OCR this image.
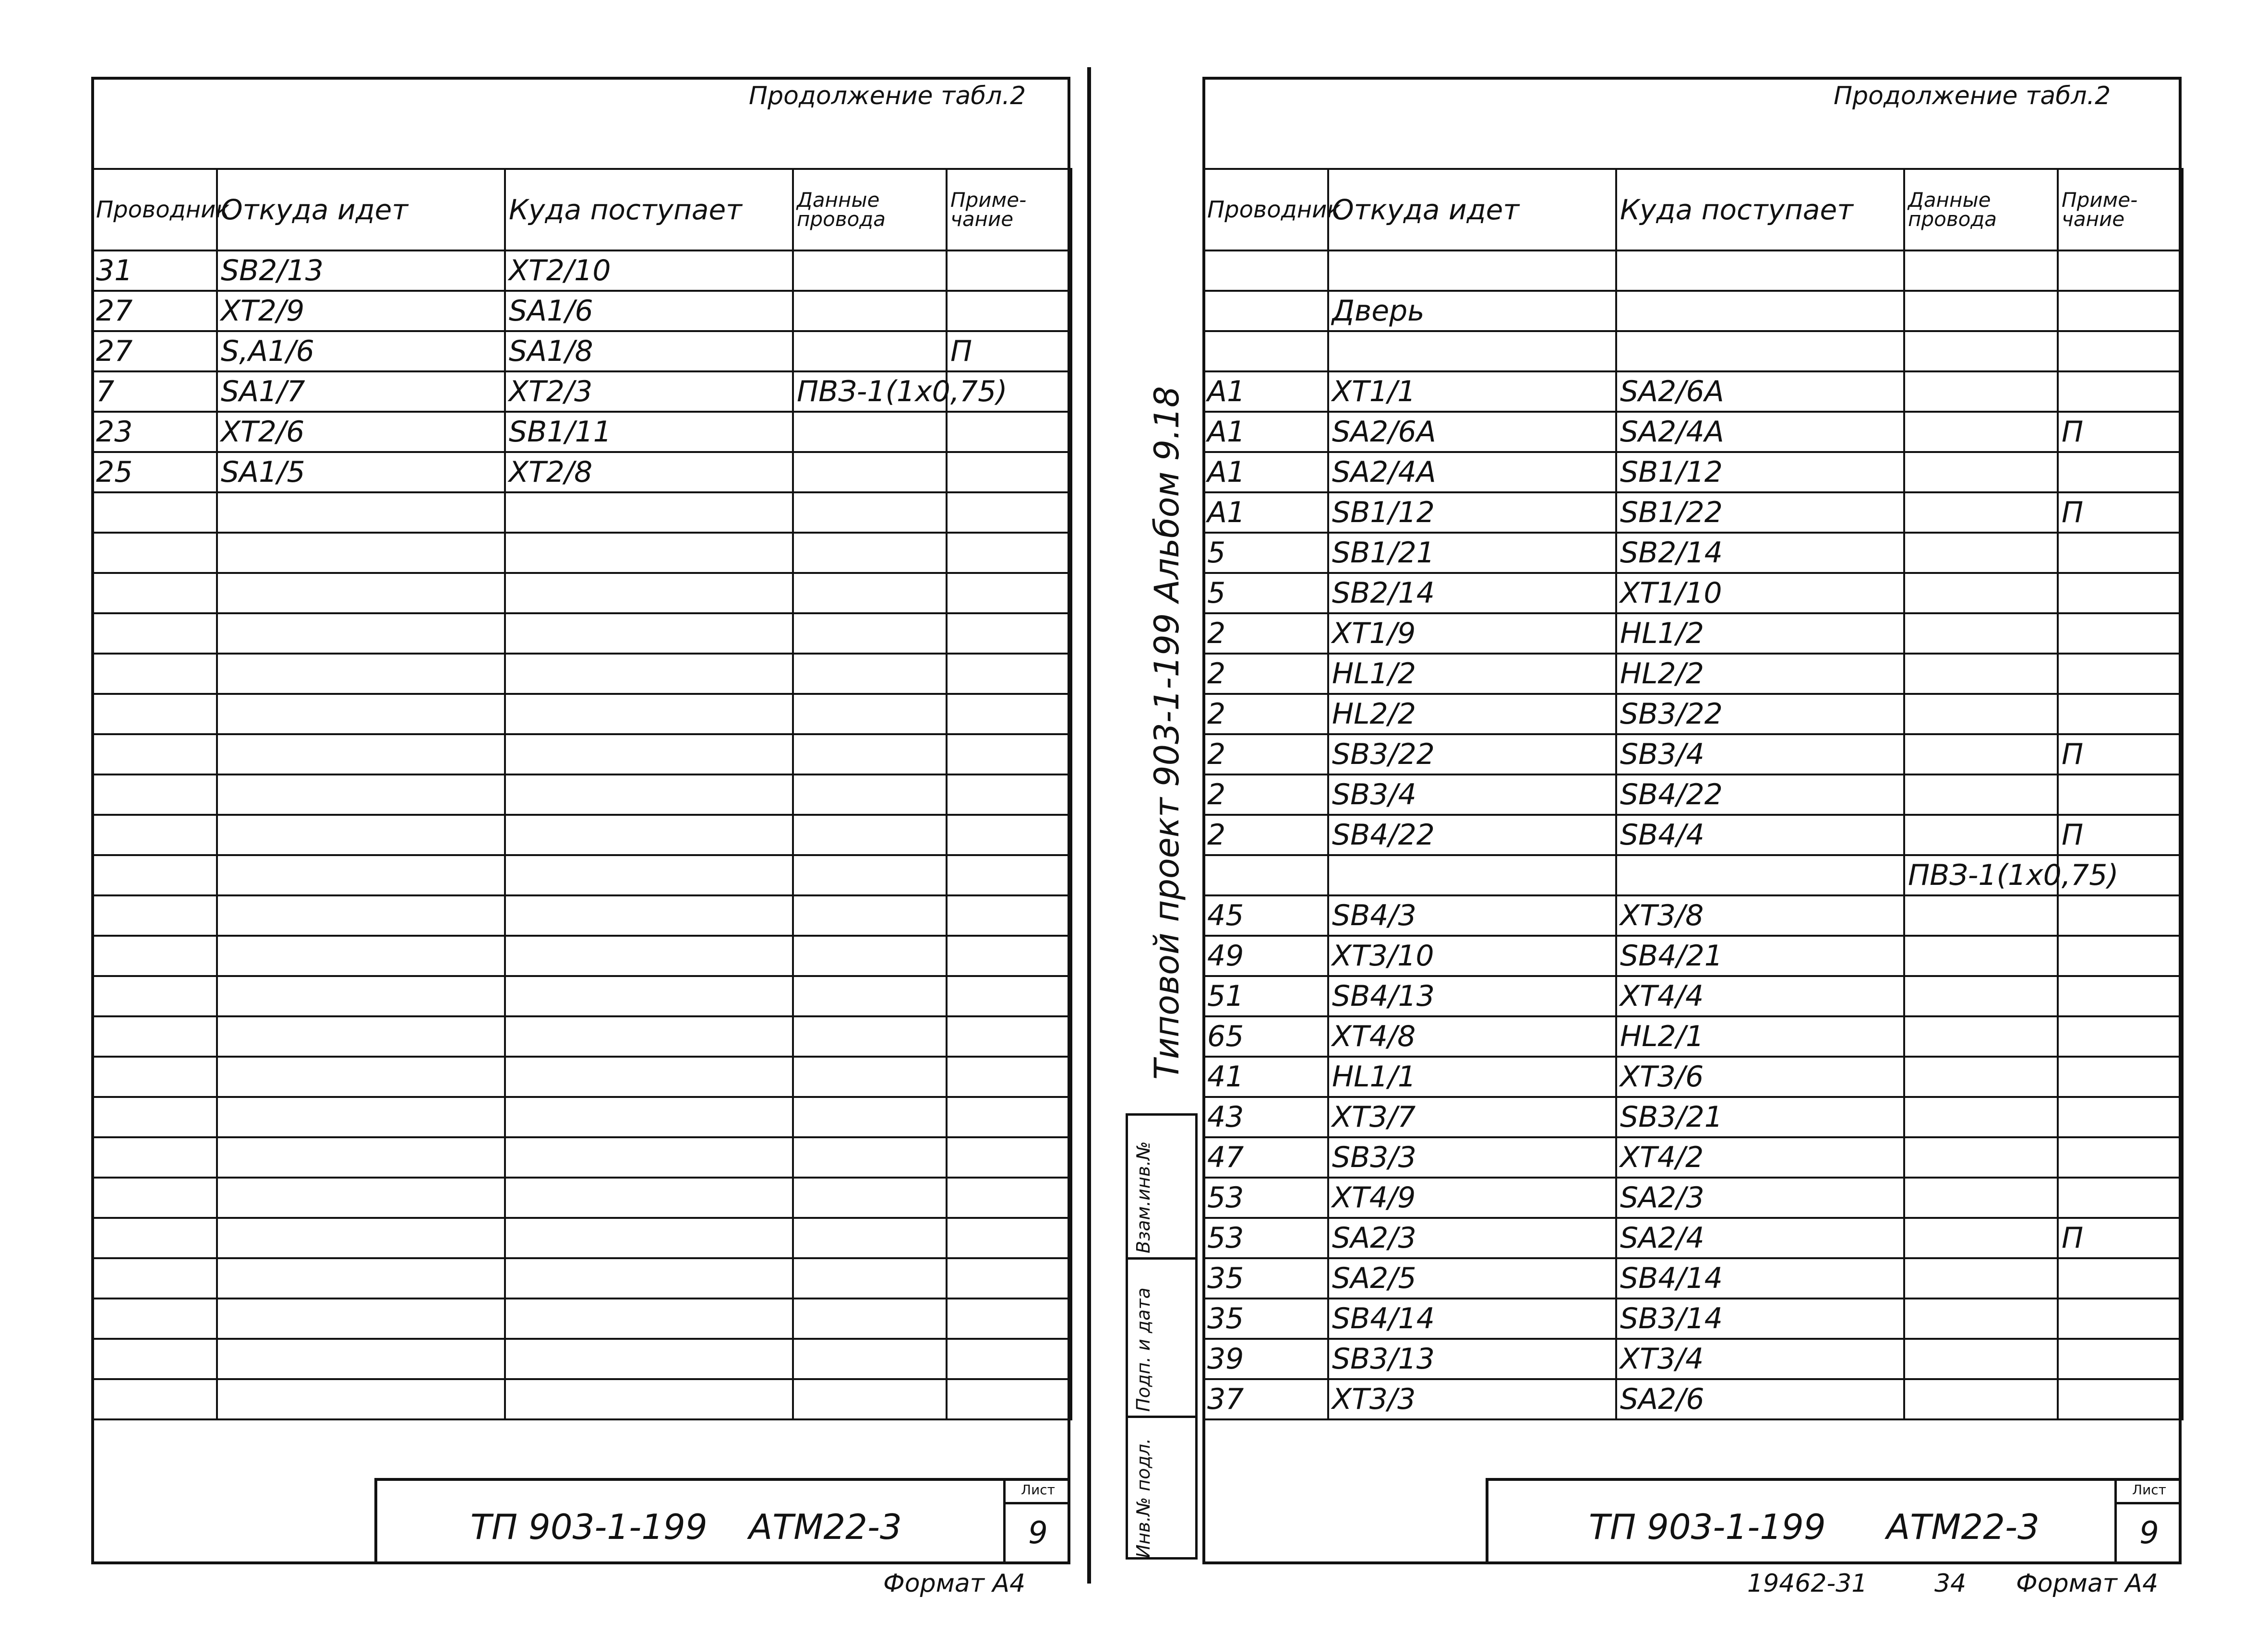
Продолжение табл.2
Проводник	Откуда идет	Куда поступает	Данные провода	Приме- чание
31	SB2/13	XT2/10		
27	XT2/9	SA1/6		
27	S,A1/6	SA1/8		П
7	SA1/7	XT2/3	ПВЗ-1(1x0,75)	
23	XT2/6	SB1/11		
25	SA1/5	XT2/8		

ТП 903-1-199 АТМ22-3
Лист
9
Формат А4
Типовой проект 903-1-199 Альбом 9.18
Взам.инв.№
Подп. и дата
Инв.№ подл.
Продолжение табл.2
Проводник	Откуда идет	Куда поступает	Данные провода	Приме- чание

	Дверь			

А1	XT1/1	SA2/6A		
А1	SA2/6A	SA2/4A		П
А1	SA2/4A	SB1/12		
А1	SB1/12	SB1/22		П
5	SB1/21	SB2/14		
5	SB2/14	XT1/10		
2	XT1/9	HL1/2		
2	HL1/2	HL2/2		
2	HL2/2	SB3/22		
2	SB3/22	SB3/4		П
2	SB3/4	SB4/22		
2	SB4/22	SB4/4		П
			ПВЗ-1(1x0,75)	
45	SB4/3	XT3/8		
49	XT3/10	SB4/21		
51	SB4/13	XT4/4		
65	XT4/8	HL2/1		
41	HL1/1	XT3/6		
43	XT3/7	SB3/21		
47	SB3/3	XT4/2		
53	XT4/9	SA2/3		
53	SA2/3	SA2/4		П
35	SA2/5	SB4/14		
35	SB4/14	SB3/14		
39	SB3/13	XT3/4		
37	XT3/3	SA2/6		
ТП 903-1-199 АТМ22-3
Лист
9
19462-31	34 Формат А4
